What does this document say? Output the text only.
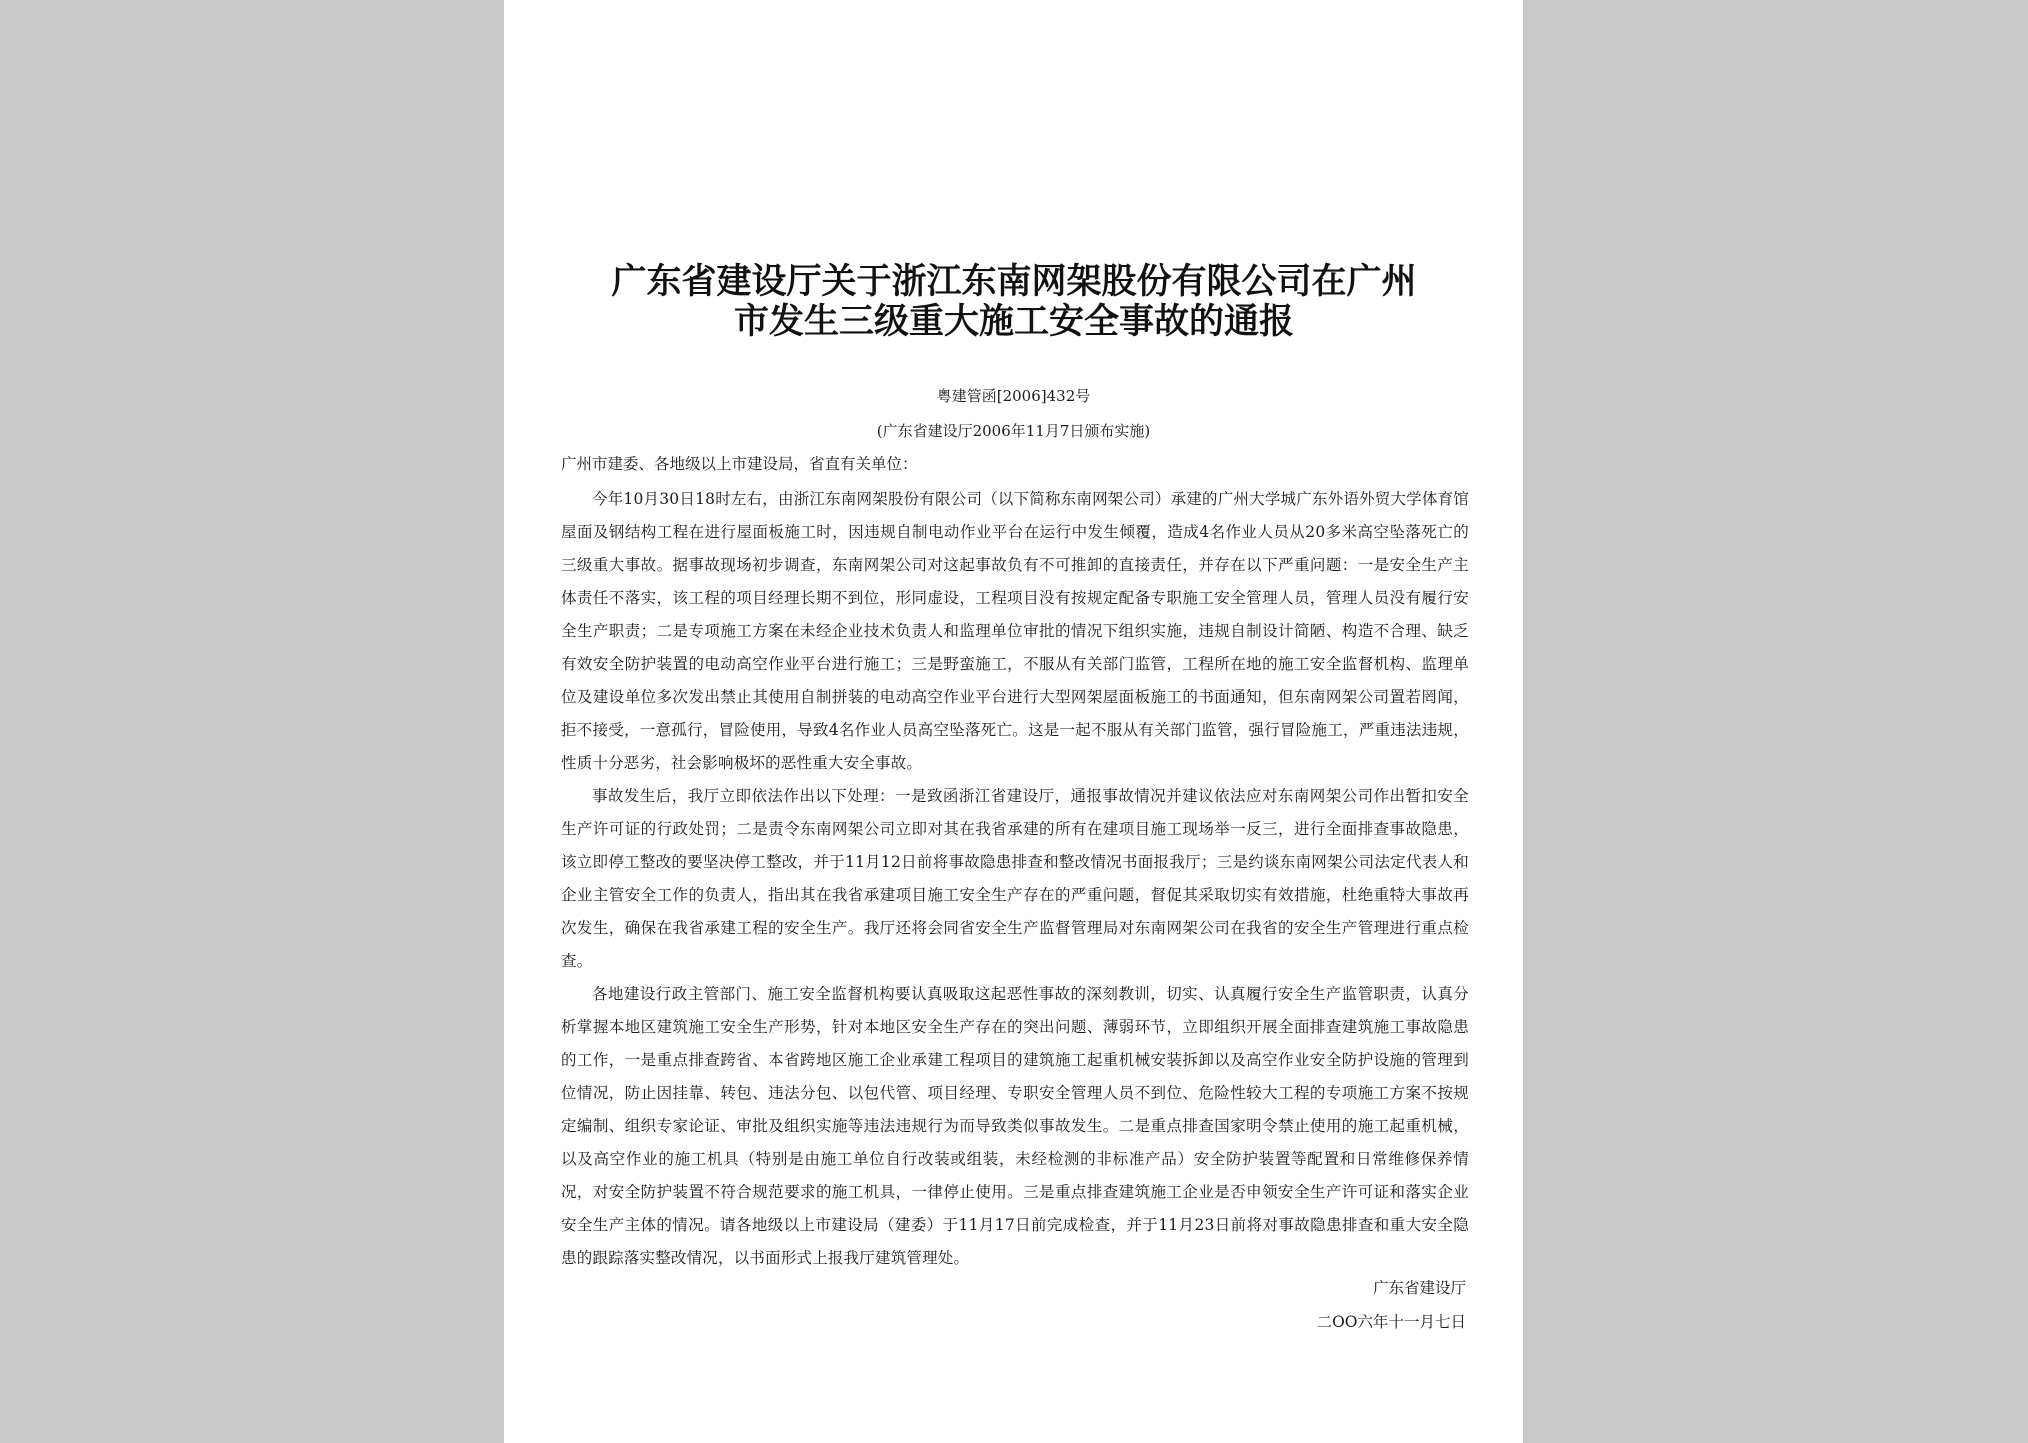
广东省建设厅关于浙江东南网架股份有限公司在广州
市发生三级重大施工安全事故的通报
粤建管函[2006]432号
(广东省建设厅2006年11月7日颁布实施)
广州市建委、各地级以上市建设局，省直有关单位：

今年10月30日18时左右，由浙江东南网架股份有限公司（以下简称东南网架公司）承建的广州大学城广东外语外贸大学体育馆屋面及钢结构工程在进行屋面板施工时，因违规自制电动作业平台在运行中发生倾覆，造成4名作业人员从20多米高空坠落死亡的三级重大事故。据事故现场初步调查，东南网架公司对这起事故负有不可推卸的直接责任，并存在以下严重问题：一是安全生产主体责任不落实，该工程的项目经理长期不到位，形同虚设，工程项目没有按规定配备专职施工安全管理人员，管理人员没有履行安全生产职责；二是专项施工方案在未经企业技术负责人和监理单位审批的情况下组织实施，违规自制设计简陋、构造不合理、缺乏有效安全防护装置的电动高空作业平台进行施工；三是野蛮施工，不服从有关部门监管，工程所在地的施工安全监督机构、监理单位及建设单位多次发出禁止其使用自制拼装的电动高空作业平台进行大型网架屋面板施工的书面通知，但东南网架公司置若罔闻，拒不接受，一意孤行，冒险使用，导致4名作业人员高空坠落死亡。这是一起不服从有关部门监管，强行冒险施工，严重违法违规，性质十分恶劣，社会影响极坏的恶性重大安全事故。

事故发生后，我厅立即依法作出以下处理：一是致函浙江省建设厅，通报事故情况并建议依法应对东南网架公司作出暂扣安全生产许可证的行政处罚；二是责令东南网架公司立即对其在我省承建的所有在建项目施工现场举一反三，进行全面排查事故隐患，该立即停工整改的要坚决停工整改，并于11月12日前将事故隐患排查和整改情况书面报我厅；三是约谈东南网架公司法定代表人和企业主管安全工作的负责人，指出其在我省承建项目施工安全生产存在的严重问题，督促其采取切实有效措施，杜绝重特大事故再次发生，确保在我省承建工程的安全生产。我厅还将会同省安全生产监督管理局对东南网架公司在我省的安全生产管理进行重点检查。

各地建设行政主管部门、施工安全监督机构要认真吸取这起恶性事故的深刻教训，切实、认真履行安全生产监管职责，认真分析掌握本地区建筑施工安全生产形势，针对本地区安全生产存在的突出问题、薄弱环节，立即组织开展全面排查建筑施工事故隐患的工作，一是重点排查跨省、本省跨地区施工企业承建工程项目的建筑施工起重机械安装拆卸以及高空作业安全防护设施的管理到位情况，防止因挂靠、转包、违法分包、以包代管、项目经理、专职安全管理人员不到位、危险性较大工程的专项施工方案不按规定编制、组织专家论证、审批及组织实施等违法违规行为而导致类似事故发生。二是重点排查国家明令禁止使用的施工起重机械，以及高空作业的施工机具（特别是由施工单位自行改装或组装，未经检测的非标准产品）安全防护装置等配置和日常维修保养情况，对安全防护装置不符合规范要求的施工机具，一律停止使用。三是重点排查建筑施工企业是否申领安全生产许可证和落实企业安全生产主体的情况。请各地级以上市建设局（建委）于11月17日前完成检查，并于11月23日前将对事故隐患排查和重大安全隐患的跟踪落实整改情况，以书面形式上报我厅建筑管理处。

广东省建设厅
二OO六年十一月七日
